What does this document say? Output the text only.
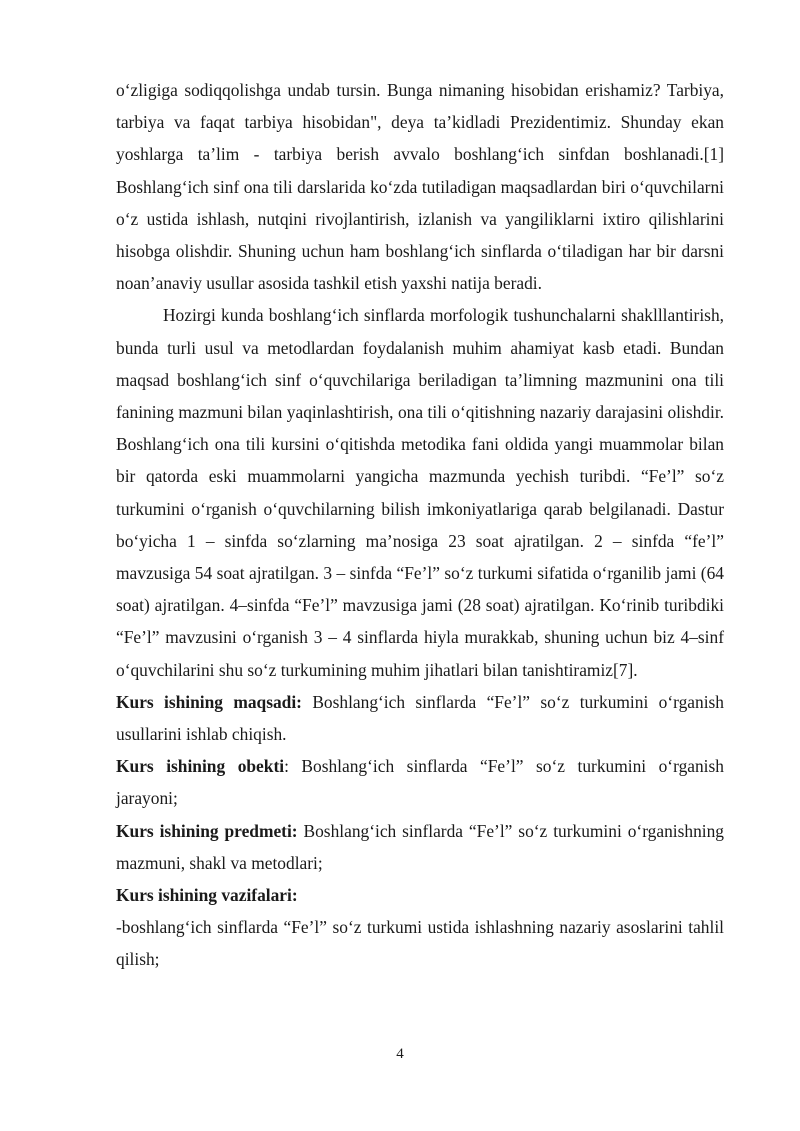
o‘zligiga sodiqqolishga undab tursin. Bunga nimaning hisobidan erishamiz? Tarbiya, tarbiya va faqat tarbiya hisobidan", deya ta’kidladi Prezidentimiz. Shunday ekan yoshlarga ta’lim - tarbiya berish avvalo boshlang‘ich sinfdan boshlanadi.[1] Boshlang‘ich sinf ona tili darslarida ko‘zda tutiladigan maqsadlardan biri o‘quvchilarni o‘z ustida ishlash, nutqini rivojlantirish, izlanish va yangiliklarni ixtiro qilishlarini hisobga olishdir. Shuning uchun ham boshlang‘ich sinflarda o‘tiladigan har bir darsni noan’anaviy usullar asosida tashkil etish yaxshi natija beradi.

Hozirgi kunda boshlang‘ich sinflarda morfologik tushunchalarni shaklllantirish, bunda turli usul va metodlardan foydalanish muhim ahamiyat kasb etadi. Bundan maqsad boshlang‘ich sinf o‘quvchilariga beriladigan ta’limning mazmunini ona tili fanining mazmuni bilan yaqinlashtirish, ona tili o‘qitishning nazariy darajasini olishdir. Boshlang‘ich ona tili kursini o‘qitishda metodika fani oldida yangi muammolar bilan bir qatorda eski muammolarni yangicha mazmunda yechish turibdi. “Fe’l” so‘z turkumini o‘rganish o‘quvchilarning bilish imkoniyatlariga qarab belgilanadi. Dastur bo‘yicha 1 – sinfda so‘zlarning ma’nosiga 23 soat ajratilgan. 2 – sinfda “fe’l” mavzusiga 54 soat ajratilgan. 3 – sinfda “Fe’l” so‘z turkumi sifatida o‘rganilib jami (64 soat) ajratilgan. 4–sinfda “Fe’l” mavzusiga jami (28 soat) ajratilgan. Ko‘rinib turibdiki “Fe’l” mavzusini o‘rganish 3 – 4 sinflarda hiyla murakkab, shuning uchun biz 4–sinf o‘quvchilarini shu so‘z turkumining muhim jihatlari bilan tanishtiramiz[7].

Kurs ishining maqsadi: Boshlang‘ich sinflarda “Fe’l” so‘z turkumini o‘rganish usullarini ishlab chiqish.

Kurs ishining obekti: Boshlang‘ich sinflarda “Fe’l” so‘z turkumini o‘rganish jarayoni;

Kurs ishining predmeti: Boshlang‘ich sinflarda “Fe’l” so‘z turkumini o‘rganishning mazmuni, shakl va metodlari;

Kurs ishining vazifalari:

-boshlang‘ich sinflarda “Fe’l” so‘z turkumi ustida ishlashning nazariy asoslarini tahlil qilish;

4
